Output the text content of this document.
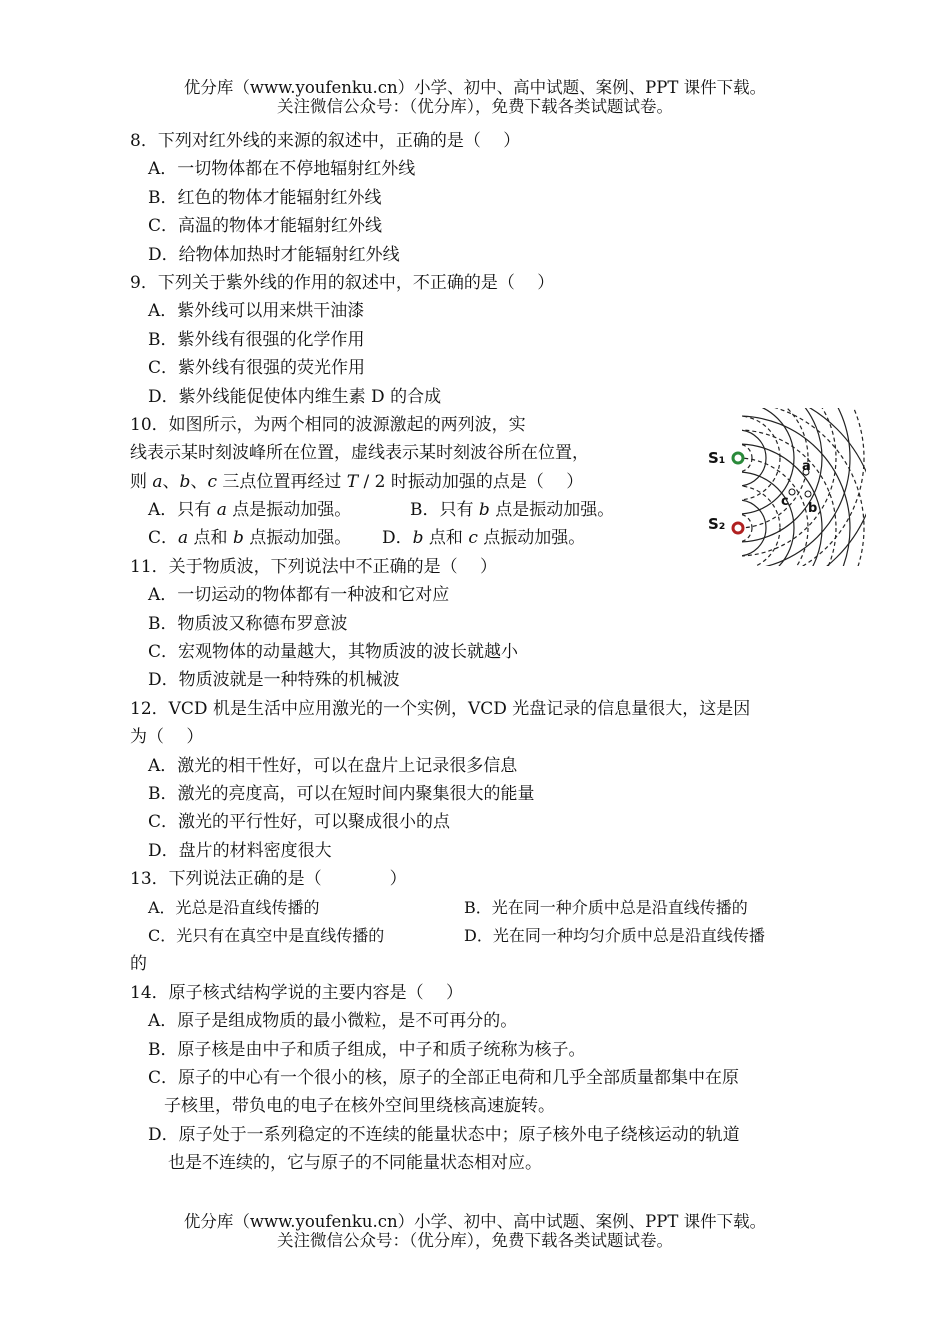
优分库（www.youfenku.cn）小学、初中、高中试题、案例、PPT 课件下载。
关注微信公众号：（优分库），免费下载各类试题试卷。
8．下列对红外线的来源的叙述中，正确的是（　 ）
A．一切物体都在不停地辐射红外线
B．红色的物体才能辐射红外线
C．高温的物体才能辐射红外线
D．给物体加热时才能辐射红外线
9．下列关于紫外线的作用的叙述中，不正确的是（　 ）
A．紫外线可以用来烘干油漆
B．紫外线有很强的化学作用
C．紫外线有很强的荧光作用
D．紫外线能促使体内维生素 D 的合成
10．如图所示，为两个相同的波源激起的两列波，实
线表示某时刻波峰所在位置，虚线表示某时刻波谷所在位置，
则 a、b、c 三点位置再经过 T / 2 时振动加强的点是（　 ）
A．只有 a 点是振动加强。	B．只有 b 点是振动加强。
C．a 点和 b 点振动加强。 D．b 点和 c 点振动加强。
11．关于物质波，下列说法中不正确的是（　 ）
A．一切运动的物体都有一种波和它对应
B．物质波又称德布罗意波
C．宏观物体的动量越大，其物质波的波长就越小
D．物质波就是一种特殊的机械波
12．VCD 机是生活中应用激光的一个实例，VCD 光盘记录的信息量很大，这是因
为（　 ）
A．激光的相干性好，可以在盘片上记录很多信息
B．激光的亮度高，可以在短时间内聚集很大的能量
C．激光的平行性好，可以聚成很小的点
D．盘片的材料密度很大
13．下列说法正确的是（　　　　）
A．光总是沿直线传播的	B．光在同一种介质中总是沿直线传播的
C．光只有在真空中是直线传播的	D．光在同一种均匀介质中总是沿直线传播
的
14．原子核式结构学说的主要内容是（　 ）
A．原子是组成物质的最小微粒，是不可再分的。
B．原子核是由中子和质子组成，中子和质子统称为核子。
C．原子的中心有一个很小的核，原子的全部正电荷和几乎全部质量都集中在原
子核里，带负电的电子在核外空间里绕核高速旋转。
D．原子处于一系列稳定的不连续的能量状态中；原子核外电子绕核运动的轨道
也是不连续的，它与原子的不同能量状态相对应。
S₁
S₂
a
b
c
优分库（www.youfenku.cn）小学、初中、高中试题、案例、PPT 课件下载。
关注微信公众号：（优分库），免费下载各类试题试卷。
